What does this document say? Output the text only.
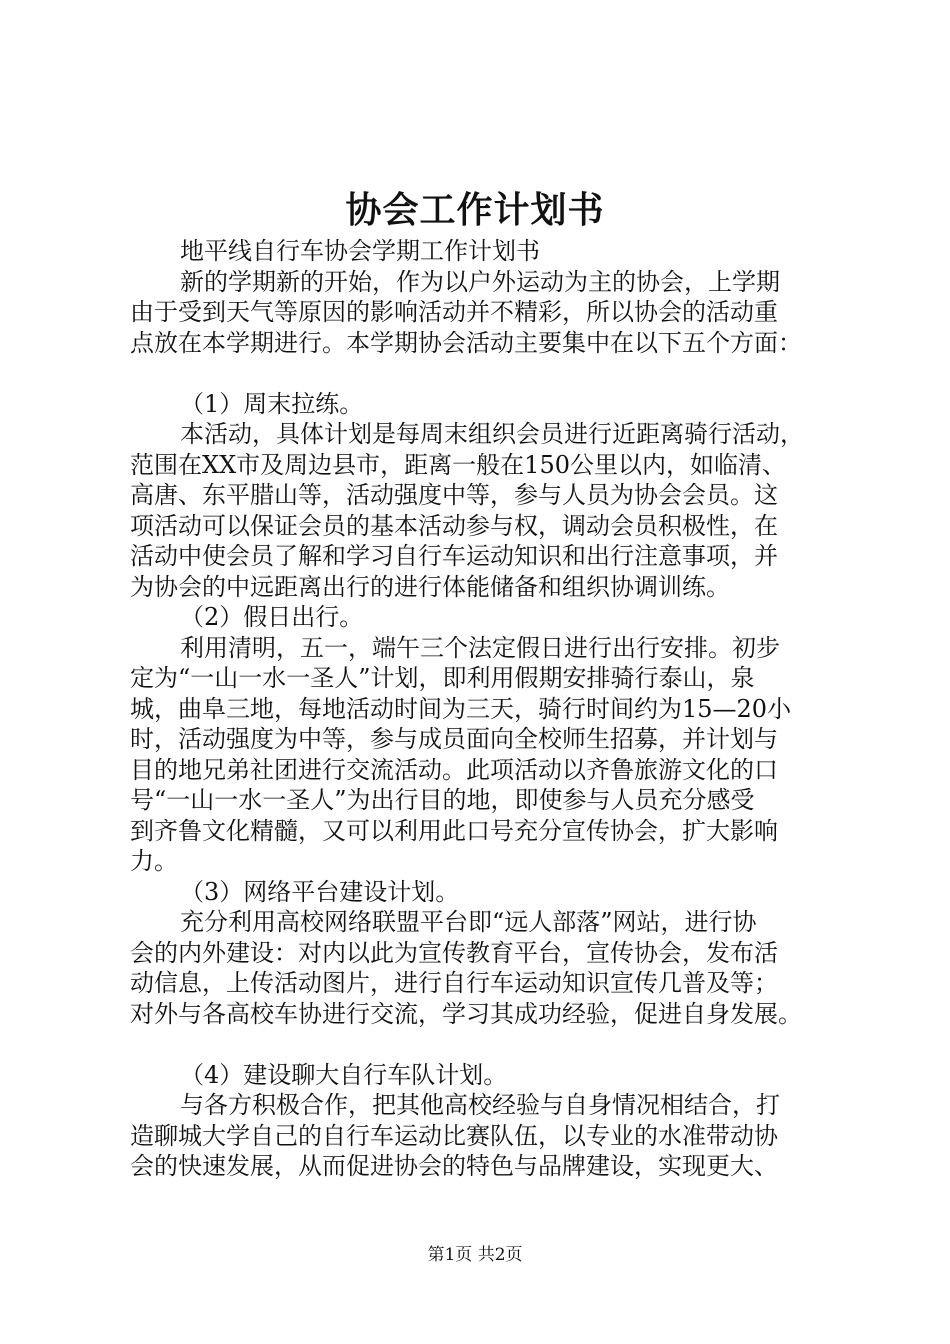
协会工作计划书
地平线自行车协会学期工作计划书
新的学期新的开始，作为以户外运动为主的协会，上学期
由于受到天气等原因的影响活动并不精彩，所以协会的活动重
点放在本学期进行。本学期协会活动主要集中在以下五个方面：
（1）周末拉练。
本活动，具体计划是每周末组织会员进行近距离骑行活动，
范围在XX市及周边县市，距离一般在150公里以内，如临清、
高唐、东平腊山等，活动强度中等，参与人员为协会会员。这
项活动可以保证会员的基本活动参与权，调动会员积极性，在
活动中使会员了解和学习自行车运动知识和出行注意事项，并
为协会的中远距离出行的进行体能储备和组织协调训练。
（2）假日出行。
利用清明，五一，端午三个法定假日进行出行安排。初步
定为“一山一水一圣人”计划，即利用假期安排骑行泰山，泉
城，曲阜三地，每地活动时间为三天，骑行时间约为15—20小
时，活动强度为中等，参与成员面向全校师生招募，并计划与
目的地兄弟社团进行交流活动。此项活动以齐鲁旅游文化的口
号“一山一水一圣人”为出行目的地，即使参与人员充分感受
到齐鲁文化精髓，又可以利用此口号充分宣传协会，扩大影响
力。
（3）网络平台建设计划。
充分利用高校网络联盟平台即“远人部落”网站，进行协
会的内外建设：对内以此为宣传教育平台，宣传协会，发布活
动信息，上传活动图片，进行自行车运动知识宣传几普及等；
对外与各高校车协进行交流，学习其成功经验，促进自身发展。
（4）建设聊大自行车队计划。
与各方积极合作，把其他高校经验与自身情况相结合，打
造聊城大学自己的自行车运动比赛队伍，以专业的水准带动协
会的快速发展，从而促进协会的特色与品牌建设，实现更大、
第1页 共2页
